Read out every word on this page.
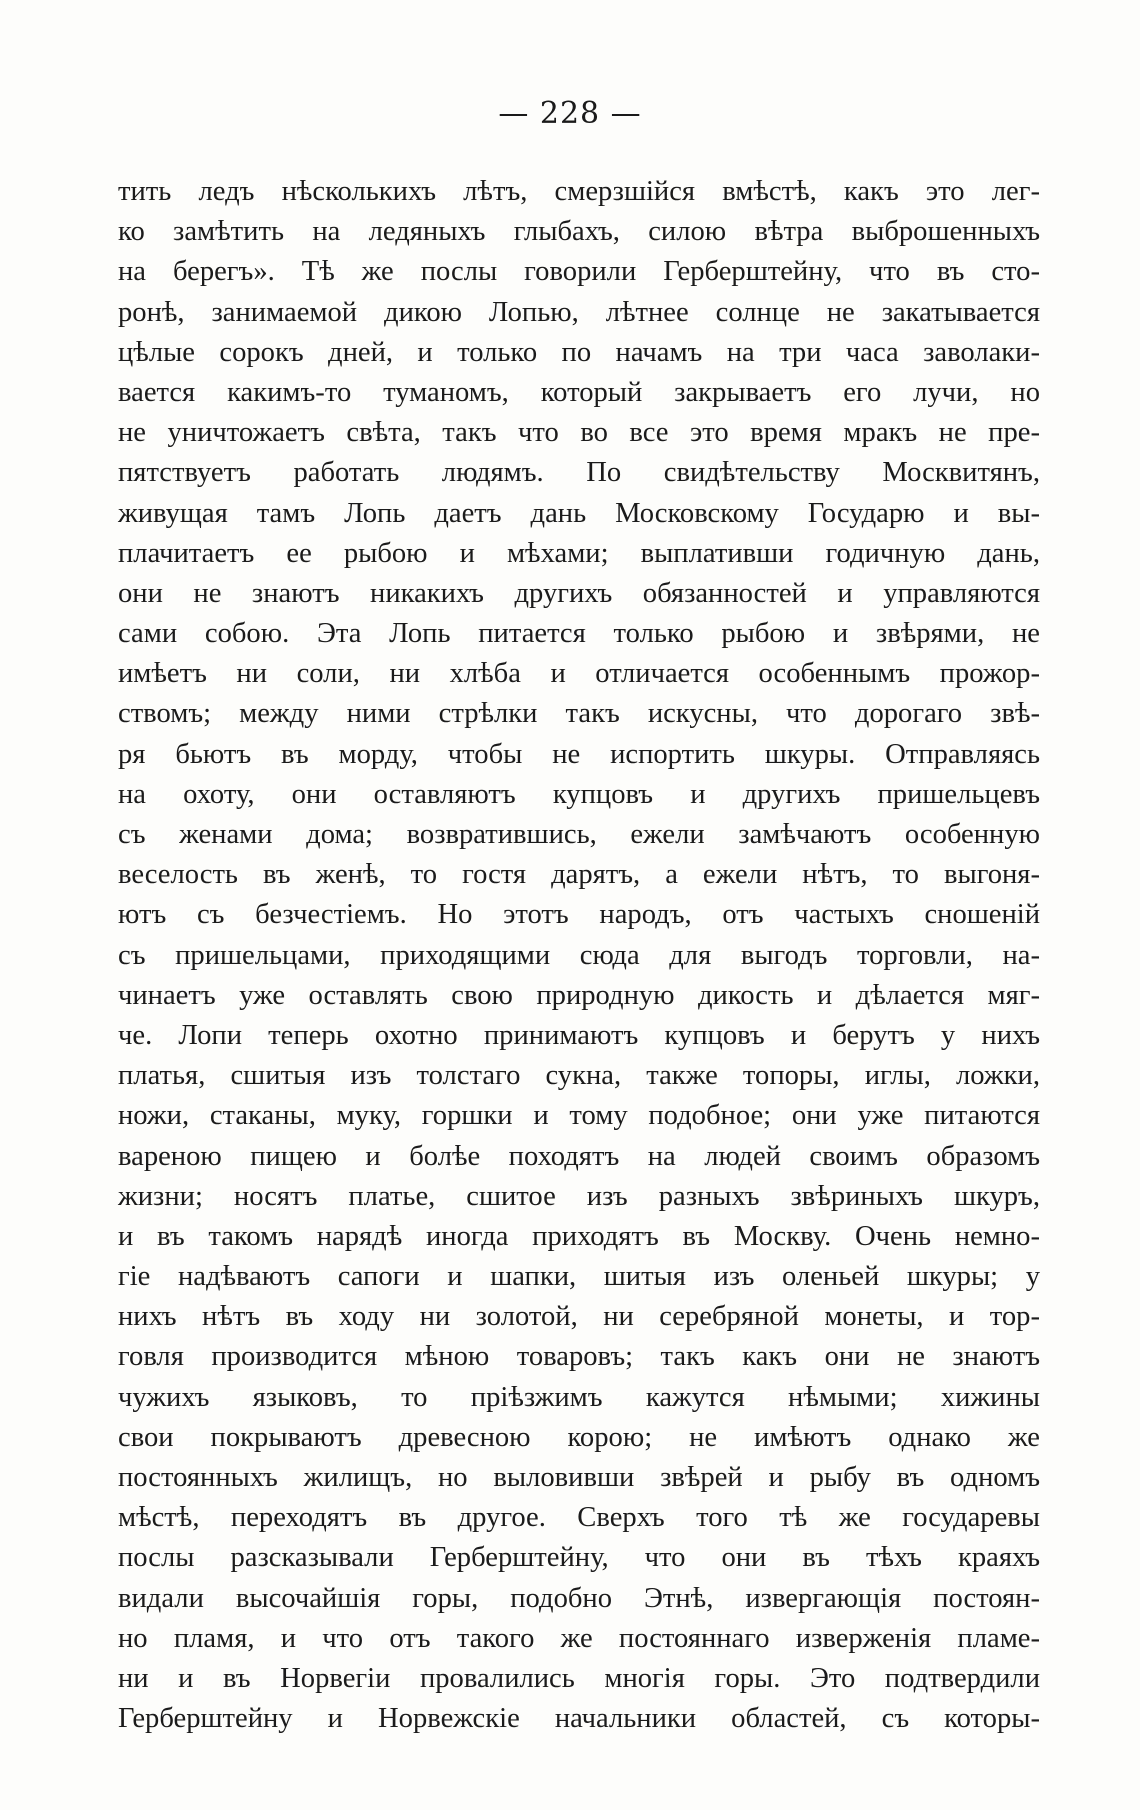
— 228 —
тить ледъ нѣсколькихъ лѣтъ, смерзшійся вмѣстѣ, какъ это лег-
ко замѣтить на ледяныхъ глыбахъ, силою вѣтра выброшенныхъ
на берегъ». Тѣ же послы говорили Герберштейну, что въ сто-
ронѣ, занимаемой дикою Лопью, лѣтнее солнце не закатывается
цѣлые сорокъ дней, и только по начамъ на три часа заволаки-
вается какимъ-то туманомъ, который закрываетъ его лучи, но
не уничтожаетъ свѣта, такъ что во все это время мракъ не пре-
пятствуетъ работать людямъ. По свидѣтельству Москвитянъ,
живущая тамъ Лопь даетъ дань Московскому Государю и вы-
плачитаетъ ее рыбою и мѣхами; выплативши годичную дань,
они не знаютъ никакихъ другихъ обязанностей и управляются
сами собою. Эта Лопь питается только рыбою и звѣрями, не
имѣетъ ни соли, ни хлѣба и отличается особеннымъ прожор-
ствомъ; между ними стрѣлки такъ искусны, что дорогаго звѣ-
ря бьютъ въ морду, чтобы не испортить шкуры. Отправляясь
на охоту, они оставляютъ купцовъ и другихъ пришельцевъ
съ женами дома; возвратившись, ежели замѣчаютъ особенную
веселость въ женѣ, то гостя дарятъ, а ежели нѣтъ, то выгоня-
ютъ съ безчестіемъ. Но этотъ народъ, отъ частыхъ сношеній
съ пришельцами, приходящими сюда для выгодъ торговли, на-
чинаетъ уже оставлять свою природную дикость и дѣлается мяг-
че. Лопи теперь охотно принимаютъ купцовъ и берутъ у нихъ
платья, сшитыя изъ толстаго сукна, также топоры, иглы, ложки,
ножи, стаканы, муку, горшки и тому подобное; они уже питаются
вареною пищею и болѣе походятъ на людей своимъ образомъ
жизни; носятъ платье, сшитое изъ разныхъ звѣриныхъ шкуръ,
и въ такомъ нарядѣ иногда приходятъ въ Москву. Очень немно-
гіе надѣваютъ сапоги и шапки, шитыя изъ оленьей шкуры; у
нихъ нѣтъ въ ходу ни золотой, ни серебряной монеты, и тор-
говля производится мѣною товаровъ; такъ какъ они не знаютъ
чужихъ языковъ, то пріѣзжимъ кажутся нѣмыми; хижины
свои покрываютъ древесною корою; не имѣютъ однако же
постоянныхъ жилищъ, но выловивши звѣрей и рыбу въ одномъ
мѣстѣ, переходятъ въ другое. Сверхъ того тѣ же государевы
послы разсказывали Герберштейну, что они въ тѣхъ краяхъ
видали высочайшія горы, подобно Этнѣ, извергающія постоян-
но пламя, и что отъ такого же постояннаго изверженія пламе-
ни и въ Норвегіи провалились многія горы. Это подтвердили
Герберштейну и Норвежскіе начальники областей, съ которы-
